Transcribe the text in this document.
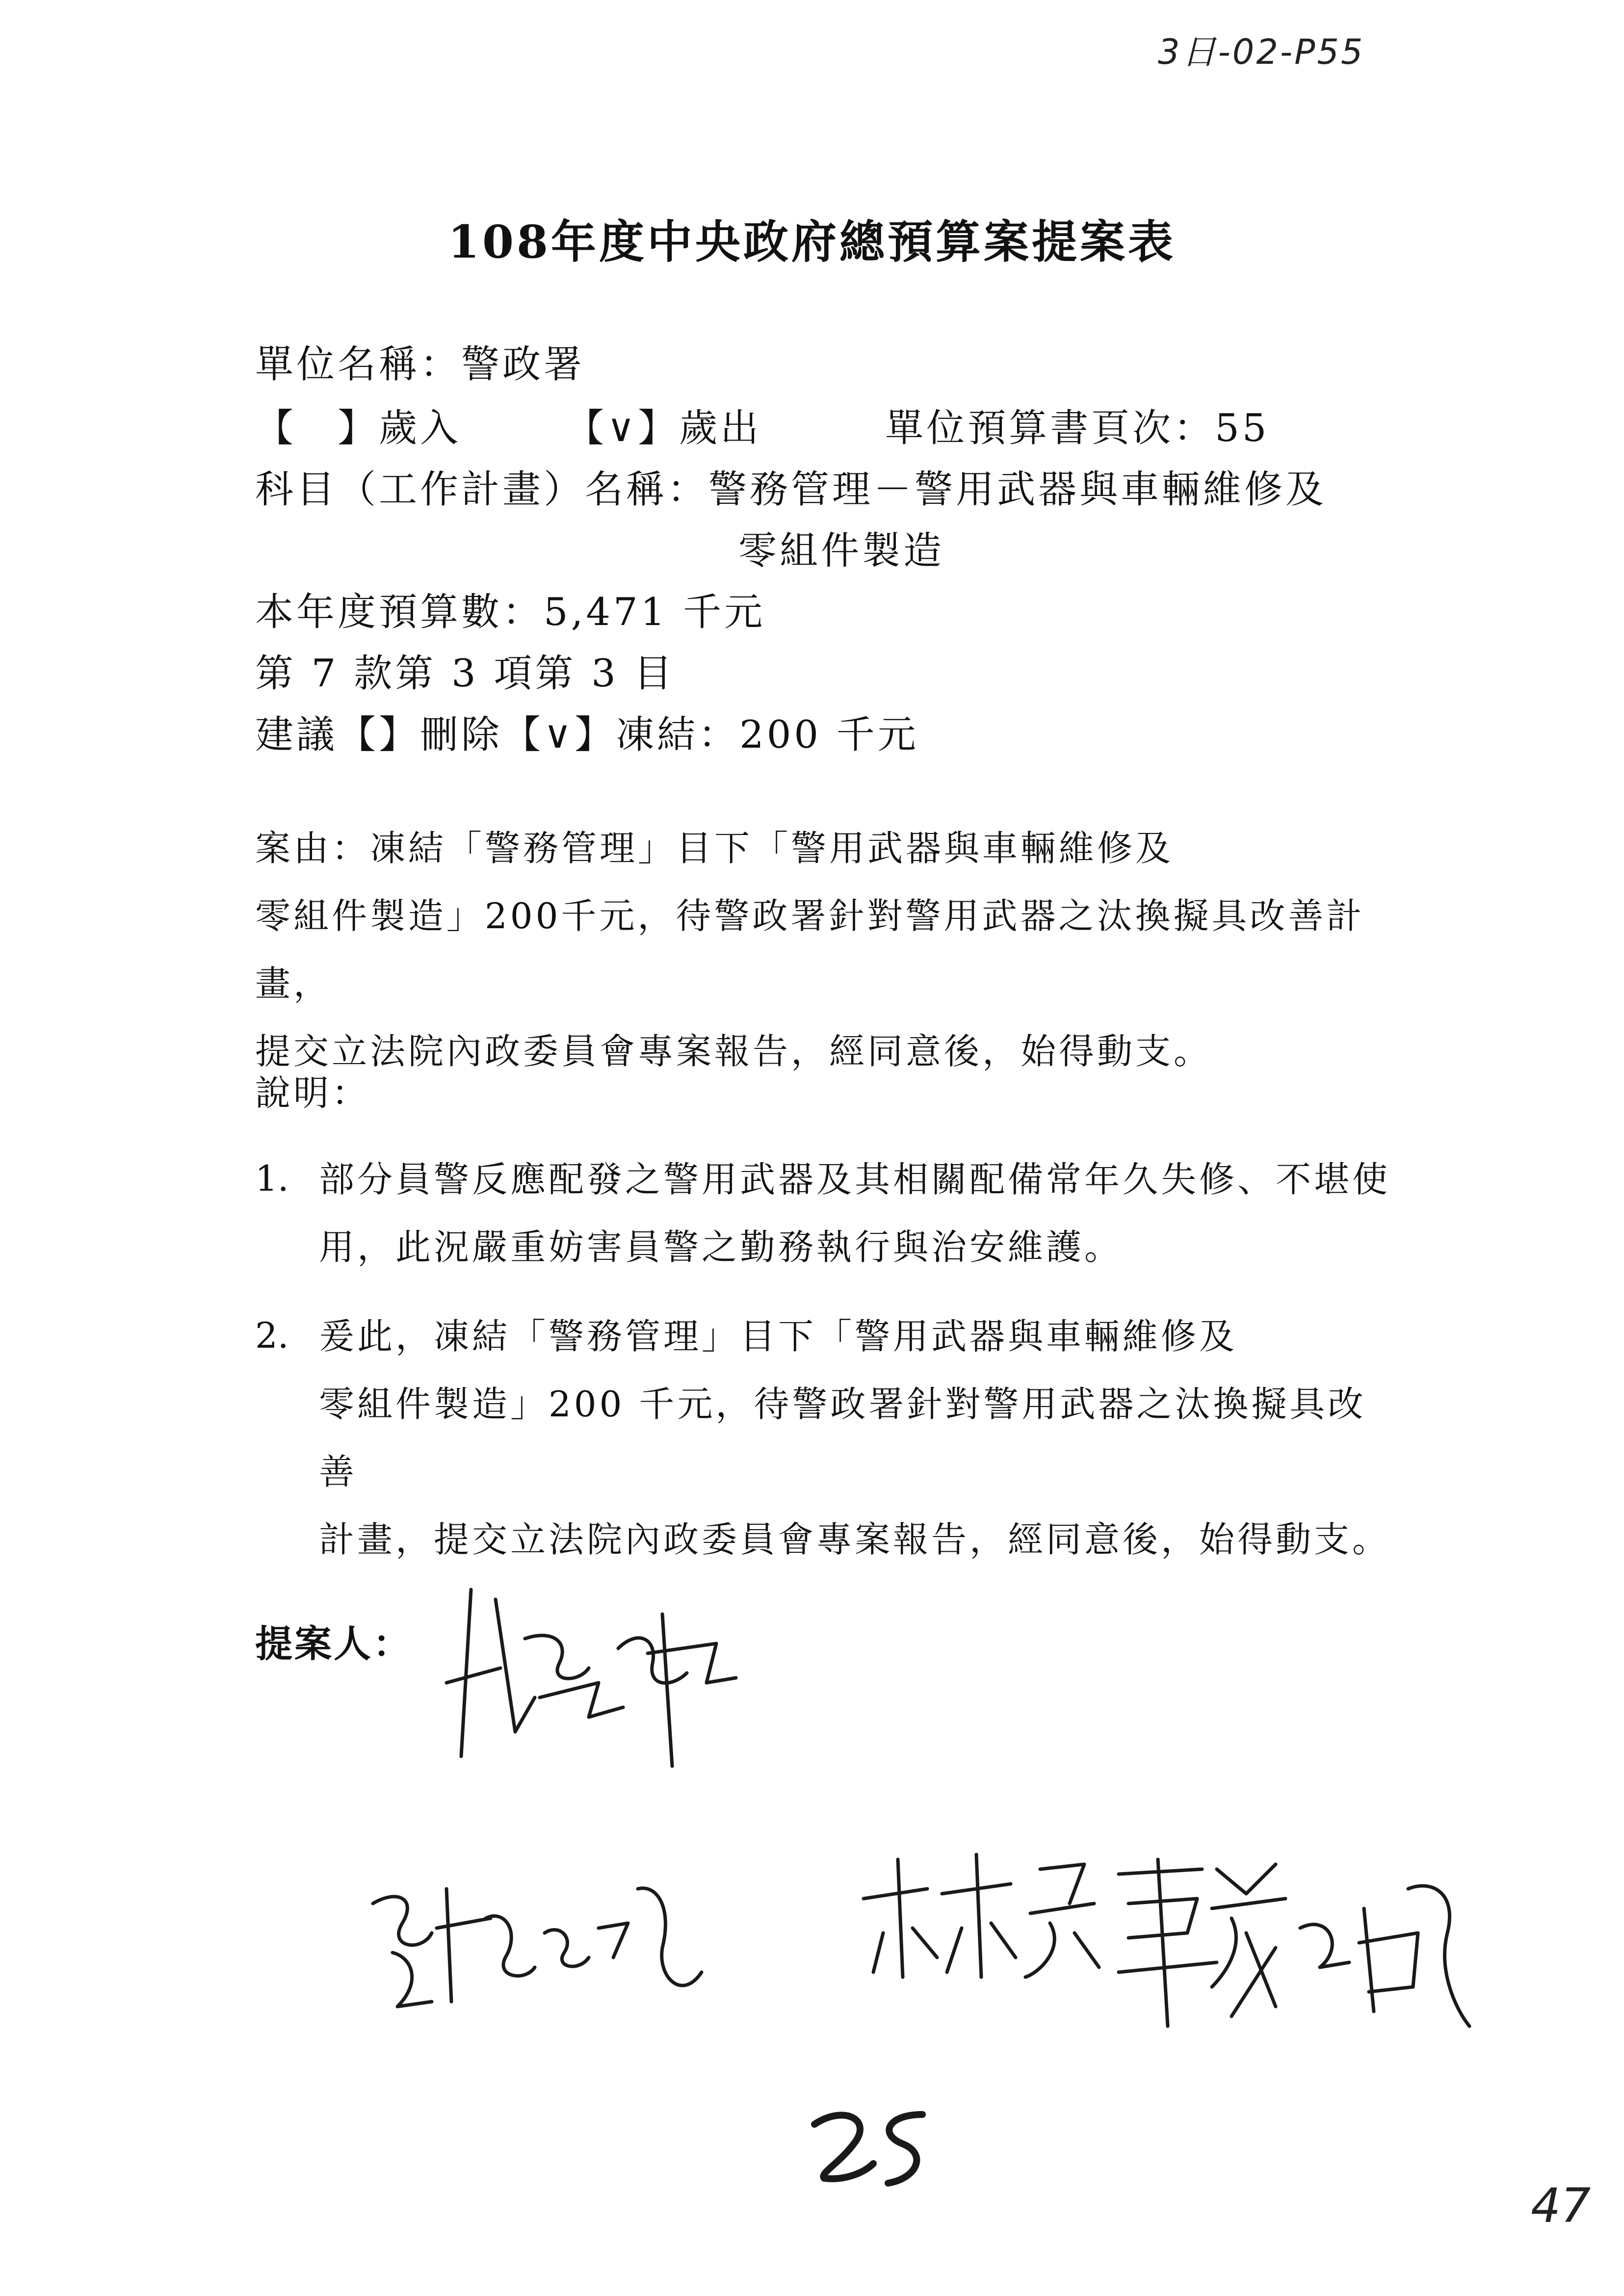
3日-02-P55
108年度中央政府總預算案提案表
單位名稱：警政署
【　】歲入　　　【∨】歲出　　　單位預算書頁次：55
科目（工作計畫）名稱：警務管理－警用武器與車輛維修及
零組件製造
本年度預算數：5,471 千元
第 7 款第 3 項第 3 目
建議【】刪除【∨】凍結：200 千元

案由：凍結「警務管理」目下「警用武器與車輛維修及

零組件製造」200千元，待警政署針對警用武器之汰換擬具改善計畫，

提交立法院內政委員會專案報告，經同意後，始得動支。

說明：
1. 部分員警反應配發之警用武器及其相關配備常年久失修、不堪使

用，此況嚴重妨害員警之勤務執行與治安維護。

2. 爰此，凍結「警務管理」目下「警用武器與車輛維修及

零組件製造」200 千元，待警政署針對警用武器之汰換擬具改善

計畫，提交立法院內政委員會專案報告，經同意後，始得動支。

提案人：
47
